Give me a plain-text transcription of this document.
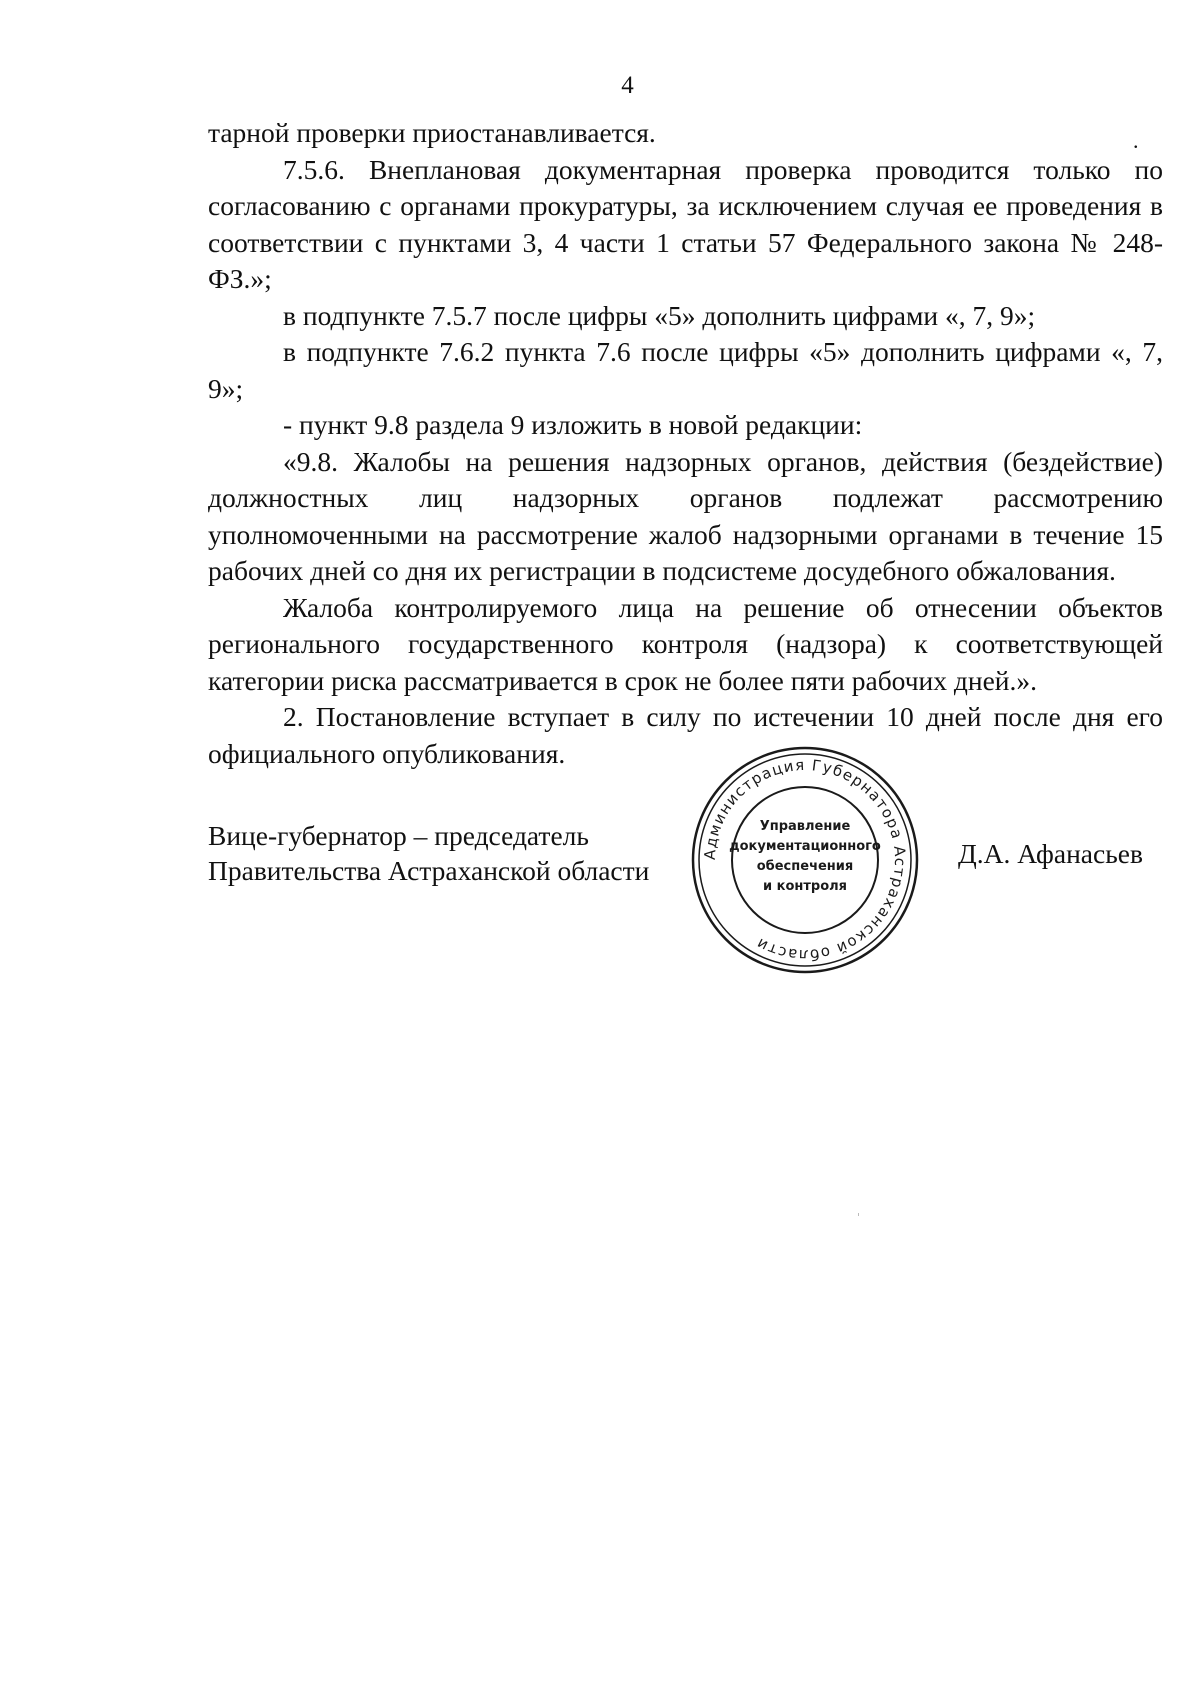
4
.

тарной проверки приостанавливается.

7.5.6. Внеплановая документарная проверка проводится только по согласованию с органами прокуратуры, за исключением случая ее проведения в соответствии с пунктами 3, 4 части 1 статьи 57 Федерального закона № 248-ФЗ.»;

в подпункте 7.5.7 после цифры «5» дополнить цифрами «, 7, 9»;

в подпункте 7.6.2 пункта 7.6 после цифры «5» дополнить цифрами «, 7, 9»;

- пункт 9.8 раздела 9 изложить в новой редакции:

«9.8. Жалобы на решения надзорных органов, действия (бездействие) должностных лиц надзорных органов подлежат рассмотрению уполномоченными на рассмотрение жалоб надзорными органами в течение 15 рабочих дней со дня их регистрации в подсистеме досудебного обжалования.

Жалоба контролируемого лица на решение об отнесении объектов регионального государственного контроля (надзора) к соответствующей категории риска рассматривается в срок не более пяти рабочих дней.».

2. Постановление вступает в силу по истечении 10 дней после дня его официального опубликования.

Вице-губернатор – председатель
Правительства Астраханской области
Д.А. Афанасьев
Администрация Губернатора Астраханской области
Управление
документационного
обеспечения
и контроля
